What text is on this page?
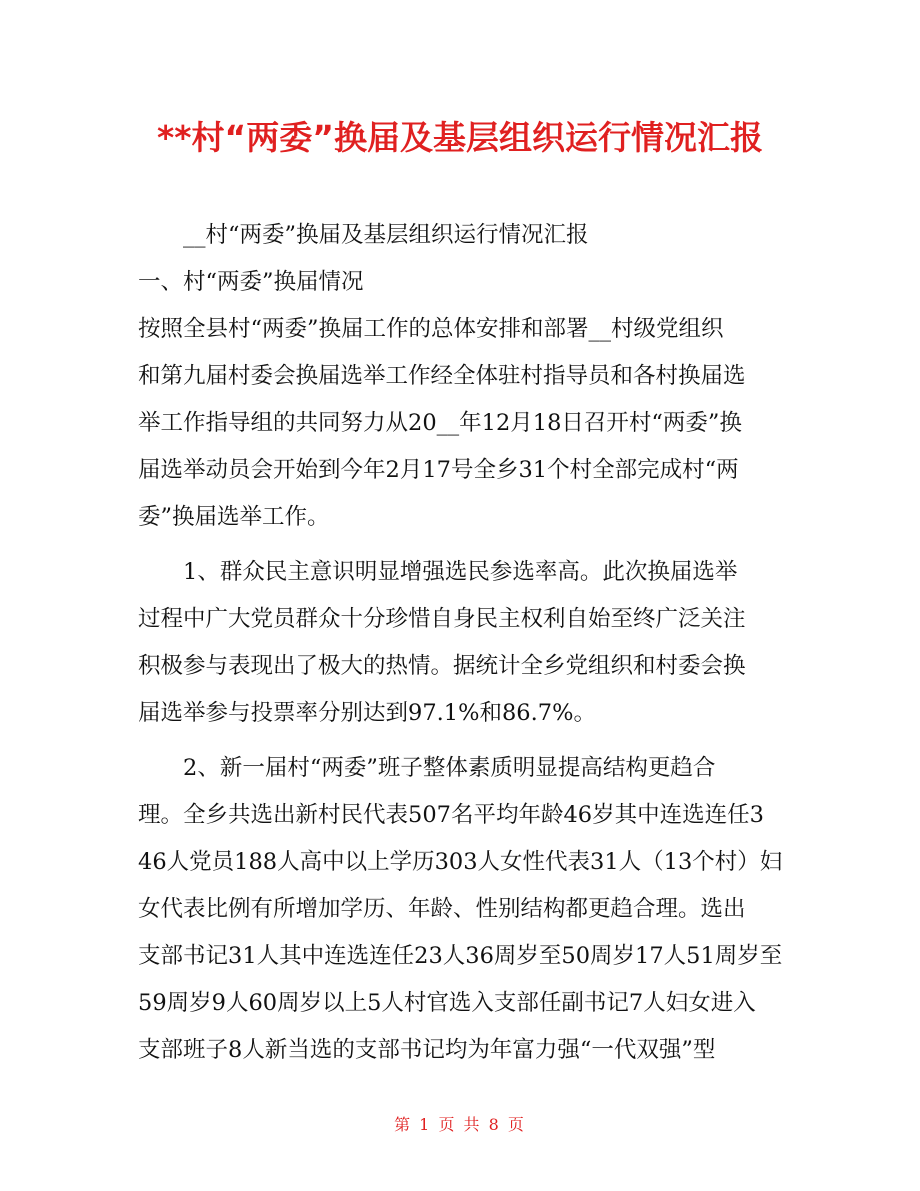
**村“两委”换届及基层组织运行情况汇报
__村“两委”换届及基层组织运行情况汇报
一、村“两委”换届情况
按照全县村“两委”换届工作的总体安排和部署__村级党组织
和第九届村委会换届选举工作经全体驻村指导员和各村换届选
举工作指导组的共同努力从20__年12月18日召开村“两委”换
届选举动员会开始到今年2月17号全乡31个村全部完成村“两
委”换届选举工作。
1、群众民主意识明显增强选民参选率高。此次换届选举
过程中广大党员群众十分珍惜自身民主权利自始至终广泛关注
积极参与表现出了极大的热情。据统计全乡党组织和村委会换
届选举参与投票率分别达到97.1%和86.7%。
2、新一届村“两委”班子整体素质明显提高结构更趋合
理。全乡共选出新村民代表507名平均年龄46岁其中连选连任3
46人党员188人高中以上学历303人女性代表31人（13个村）妇
女代表比例有所增加学历、年龄、性别结构都更趋合理。选出
支部书记31人其中连选连任23人36周岁至50周岁17人51周岁至
59周岁9人60周岁以上5人村官选入支部任副书记7人妇女进入
支部班子8人新当选的支部书记均为年富力强“一代双强”型
第 1 页 共 8 页
